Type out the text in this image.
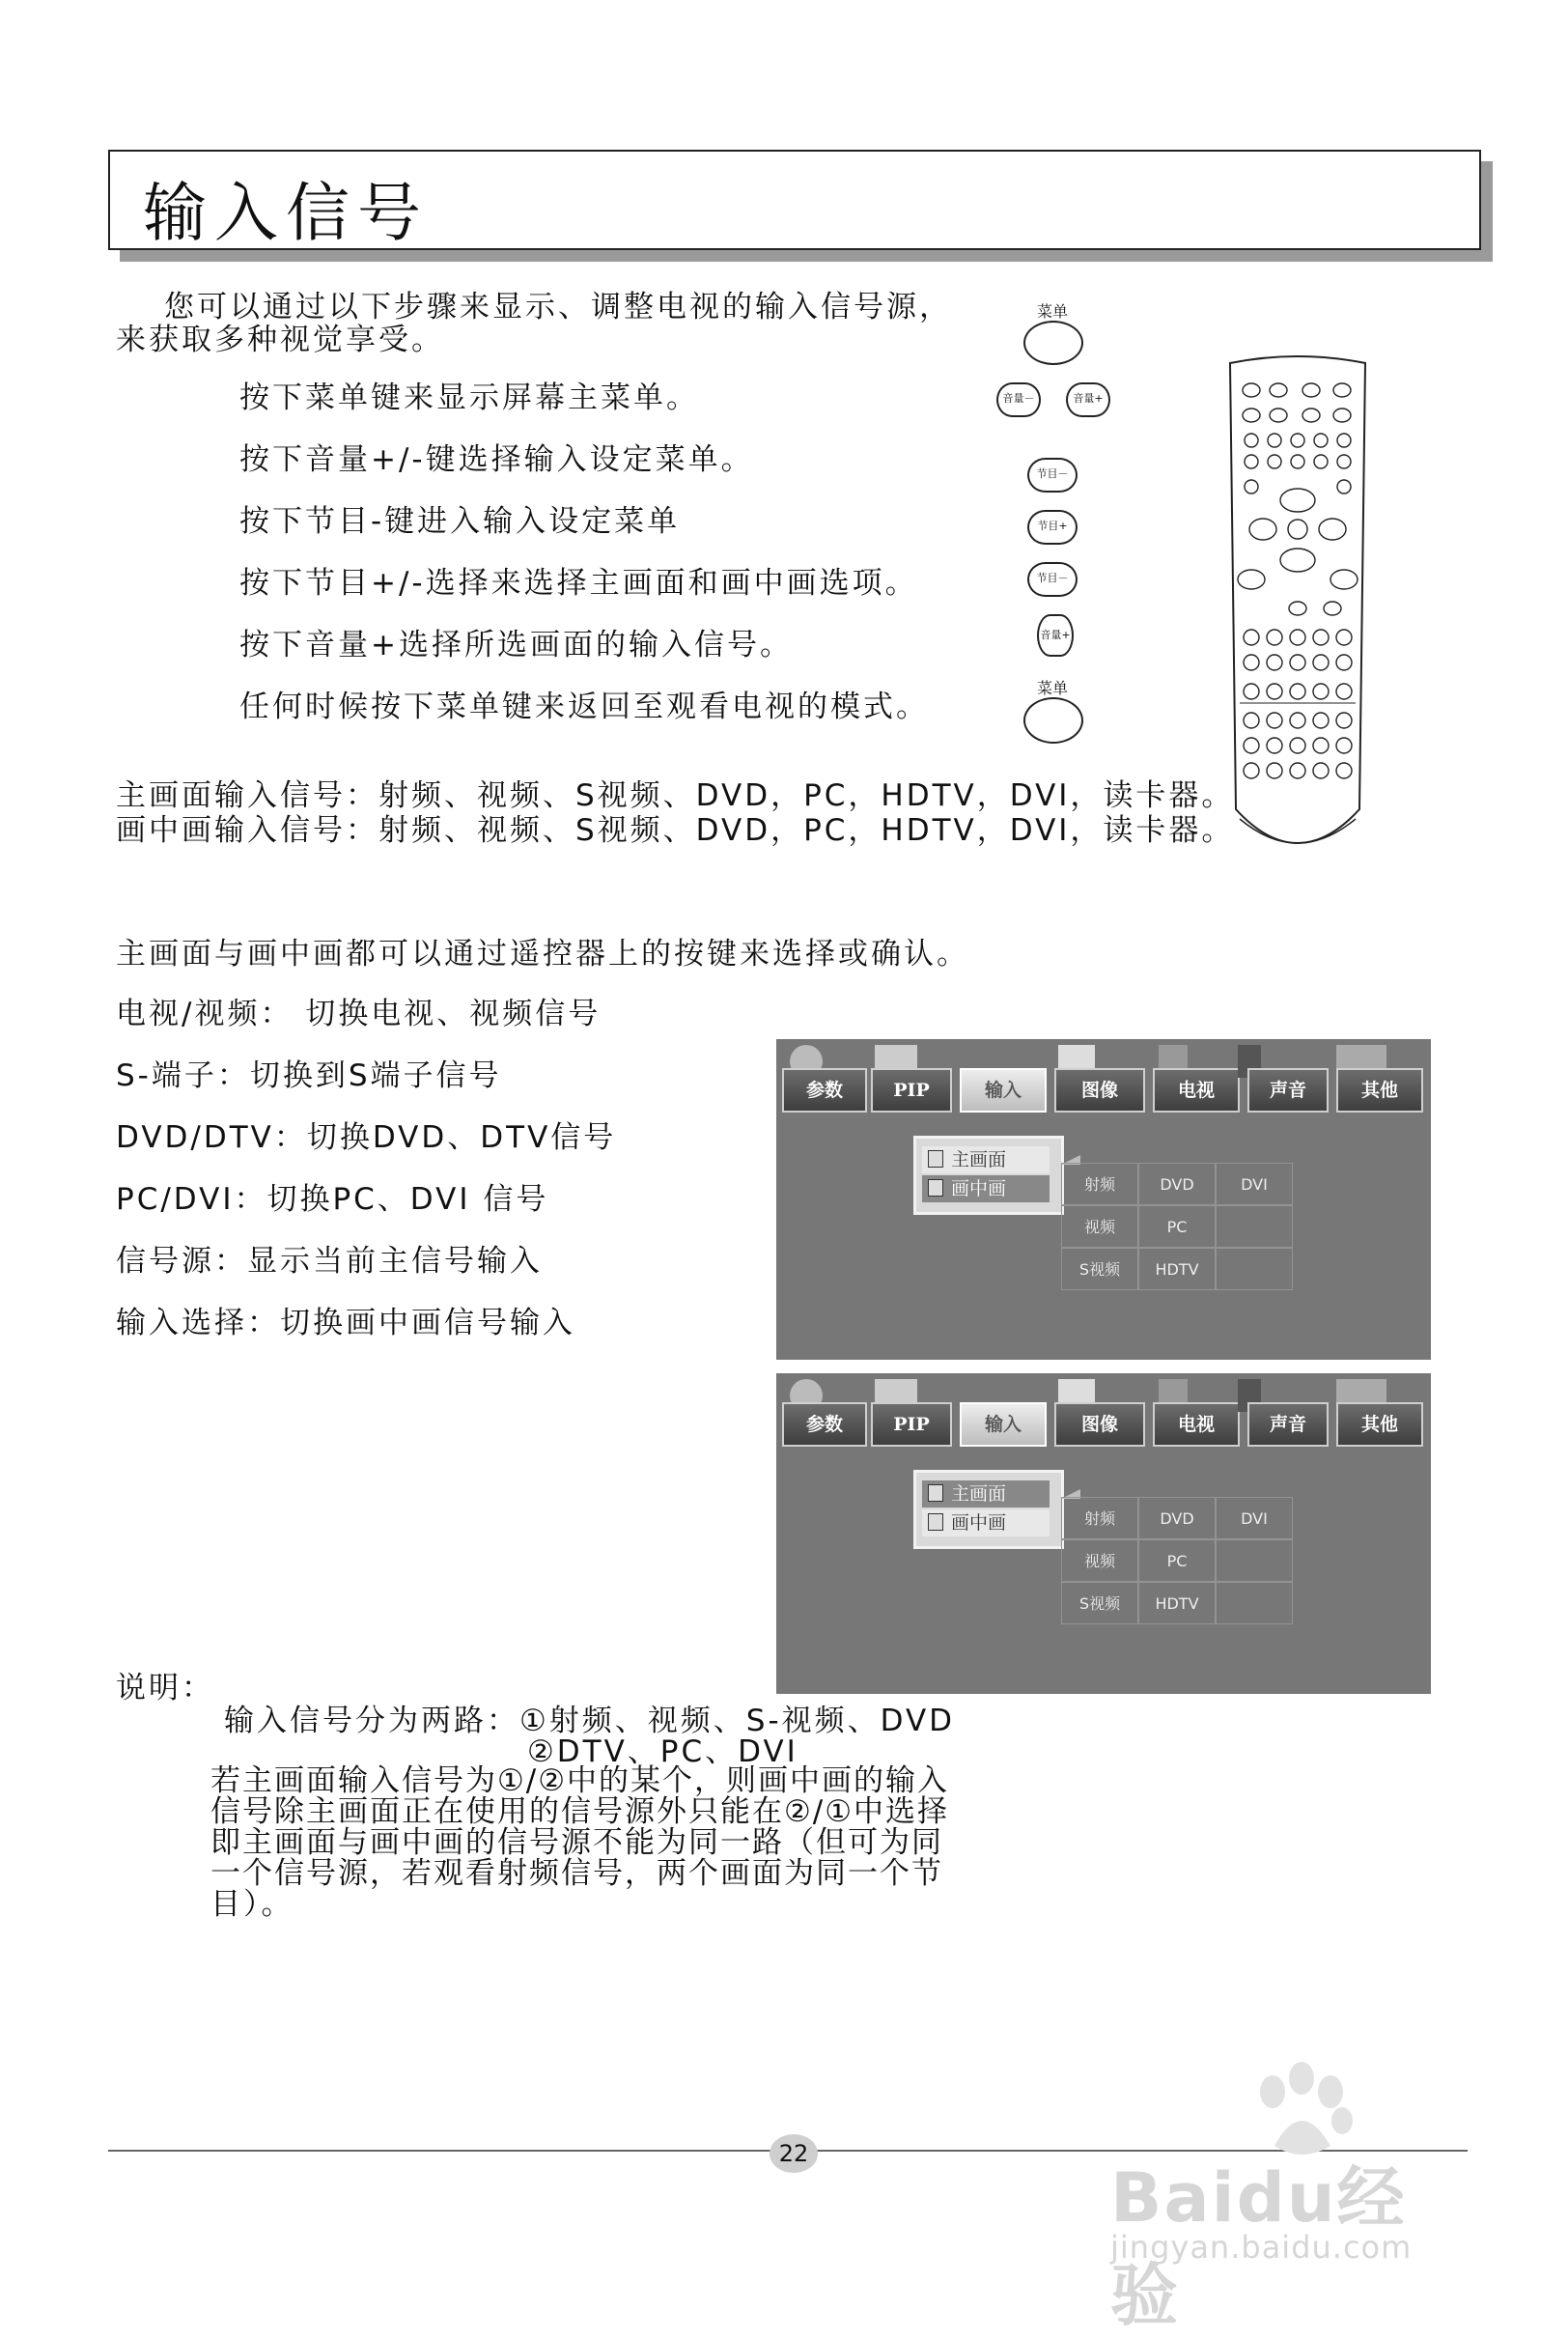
输入信号
您可以通过以下步骤来显示、调整电视的输入信号源，
来获取多种视觉享受。
按下菜单键来显示屏幕主菜单。
按下音量+/-键选择输入设定菜单。
按下节目-键进入输入设定菜单
按下节目+/-选择来选择主画面和画中画选项。
按下音量+选择所选画面的输入信号。
任何时候按下菜单键来返回至观看电视的模式。
菜单
音量－	音量+
节目－
节目+
节目－
音量+
菜单
主画面输入信号：射频、视频、S视频、DVD，PC，HDTV，DVI，读卡器。
画中画输入信号：射频、视频、S视频、DVD，PC，HDTV，DVI，读卡器。
主画面与画中画都可以通过遥控器上的按键来选择或确认。
电视/视频： 切换电视、视频信号
S-端子：切换到S端子信号
DVD/DTV：切换DVD、DTV信号
PC/DVI：切换PC、DVI 信号
信号源：显示当前主信号输入
输入选择：切换画中画信号输入
参数	PIP	输入	图像	电视	声音	其他
主画面
画中画	射频	DVD	DVI
视频	PC
S视频	HDTV
参数	PIP	输入	图像	电视	声音	其他
主画面
画中画	射频	DVD	DVI
视频	PC
S视频	HDTV
说明：
输入信号分为两路：①射频、视频、S-视频、DVD
②DTV、PC、DVI
若主画面输入信号为①/②中的某个，则画中画的输入
信号除主画面正在使用的信号源外只能在②/①中选择
即主画面与画中画的信号源不能为同一路（但可为同
一个信号源，若观看射频信号，两个画面为同一个节
目）。
22
Baidu经验
jingyan.baidu.com
